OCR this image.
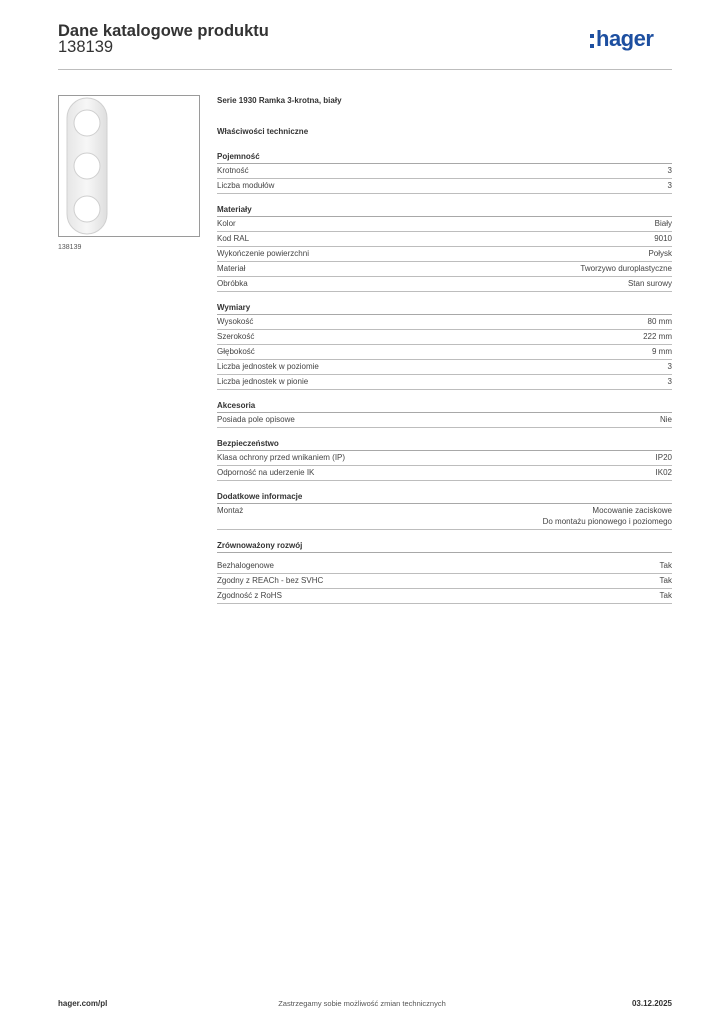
Dane katalogowe produktu
138139	hager
138139
Serie 1930 Ramka 3-krotna, biały
Właściwości techniczne
Pojemność
Krotność	3
Liczba modułów	3
Materiały
Kolor	Biały
Kod RAL	9010
Wykończenie powierzchni	Połysk
Materiał	Tworzywo duroplastyczne
Obróbka	Stan surowy
Wymiary
Wysokość	80 mm
Szerokość	222 mm
Głębokość	9 mm
Liczba jednostek w poziomie	3
Liczba jednostek w pionie	3
Akcesoria
Posiada pole opisowe	Nie
Bezpieczeństwo
Klasa ochrony przed wnikaniem (IP)	IP20
Odporność na uderzenie IK	IK02
Dodatkowe informacje
Montaż	Mocowanie zaciskowe
Do montażu pionowego i poziomego
Zrównoważony rozwój
Bezhalogenowe	Tak
Zgodny z REACh - bez SVHC	Tak
Zgodność z RoHS	Tak
hager.com/pl	Zastrzegamy sobie możliwość zmian technicznych	03.12.2025
